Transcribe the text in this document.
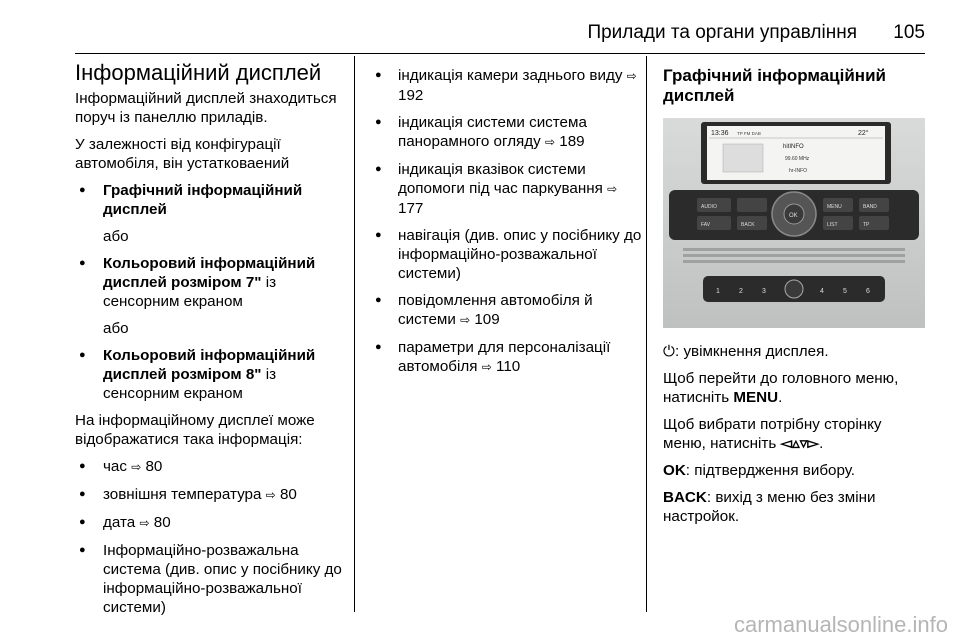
Прилади та органи управління 105
Інформаційний дисплей

Інформаційний дисплей знаходиться поруч із панеллю приладів.

У залежності від конфігурації автомобіля, він устатковаений

● Графічний інформаційний дисплей

або

● Кольоровий інформаційний дисплей розміром 7" із сенсорним екраном

або

● Кольоровий інформаційний дисплей розміром 8" із сенсорним екраном

На інформаційному дисплеї може відображатися така інформація:

● час ⇨ 80
● зовнішня температура ⇨ 80
● дата ⇨ 80
● Інформаційно-розважальна система (див. опис у посібнику до інформаційно-розважальної системи)
● індикація камери заднього виду ⇨ 192
● індикація системи система панорамного огляду ⇨ 189
● індикація вказівок системи допомоги під час паркування ⇨ 177
● навігація (див. опис у посібнику до інформаційно-розважальної системи)
● повідомлення автомобіля й системи ⇨ 109
● параметри для персоналізації автомобіля ⇨ 110
Графічний інформаційний дисплей
13:36 TP FM DAB	22°
hitINFO
99.60 MHz
hr-INFO
AUDIO
FAV	BACK
OK
MENU	BAND
LIST	TP
1	2	3	4	5	6

⏻: увімкнення дисплея.

Щоб перейти до головного меню, натисніть MENU.

Щоб вибрати потрібну сторінку меню, натисніть ◅▵▿▻.

OK: підтвердження вибору.

BACK: вихід з меню без зміни настройок.

carmanualsonline.info
